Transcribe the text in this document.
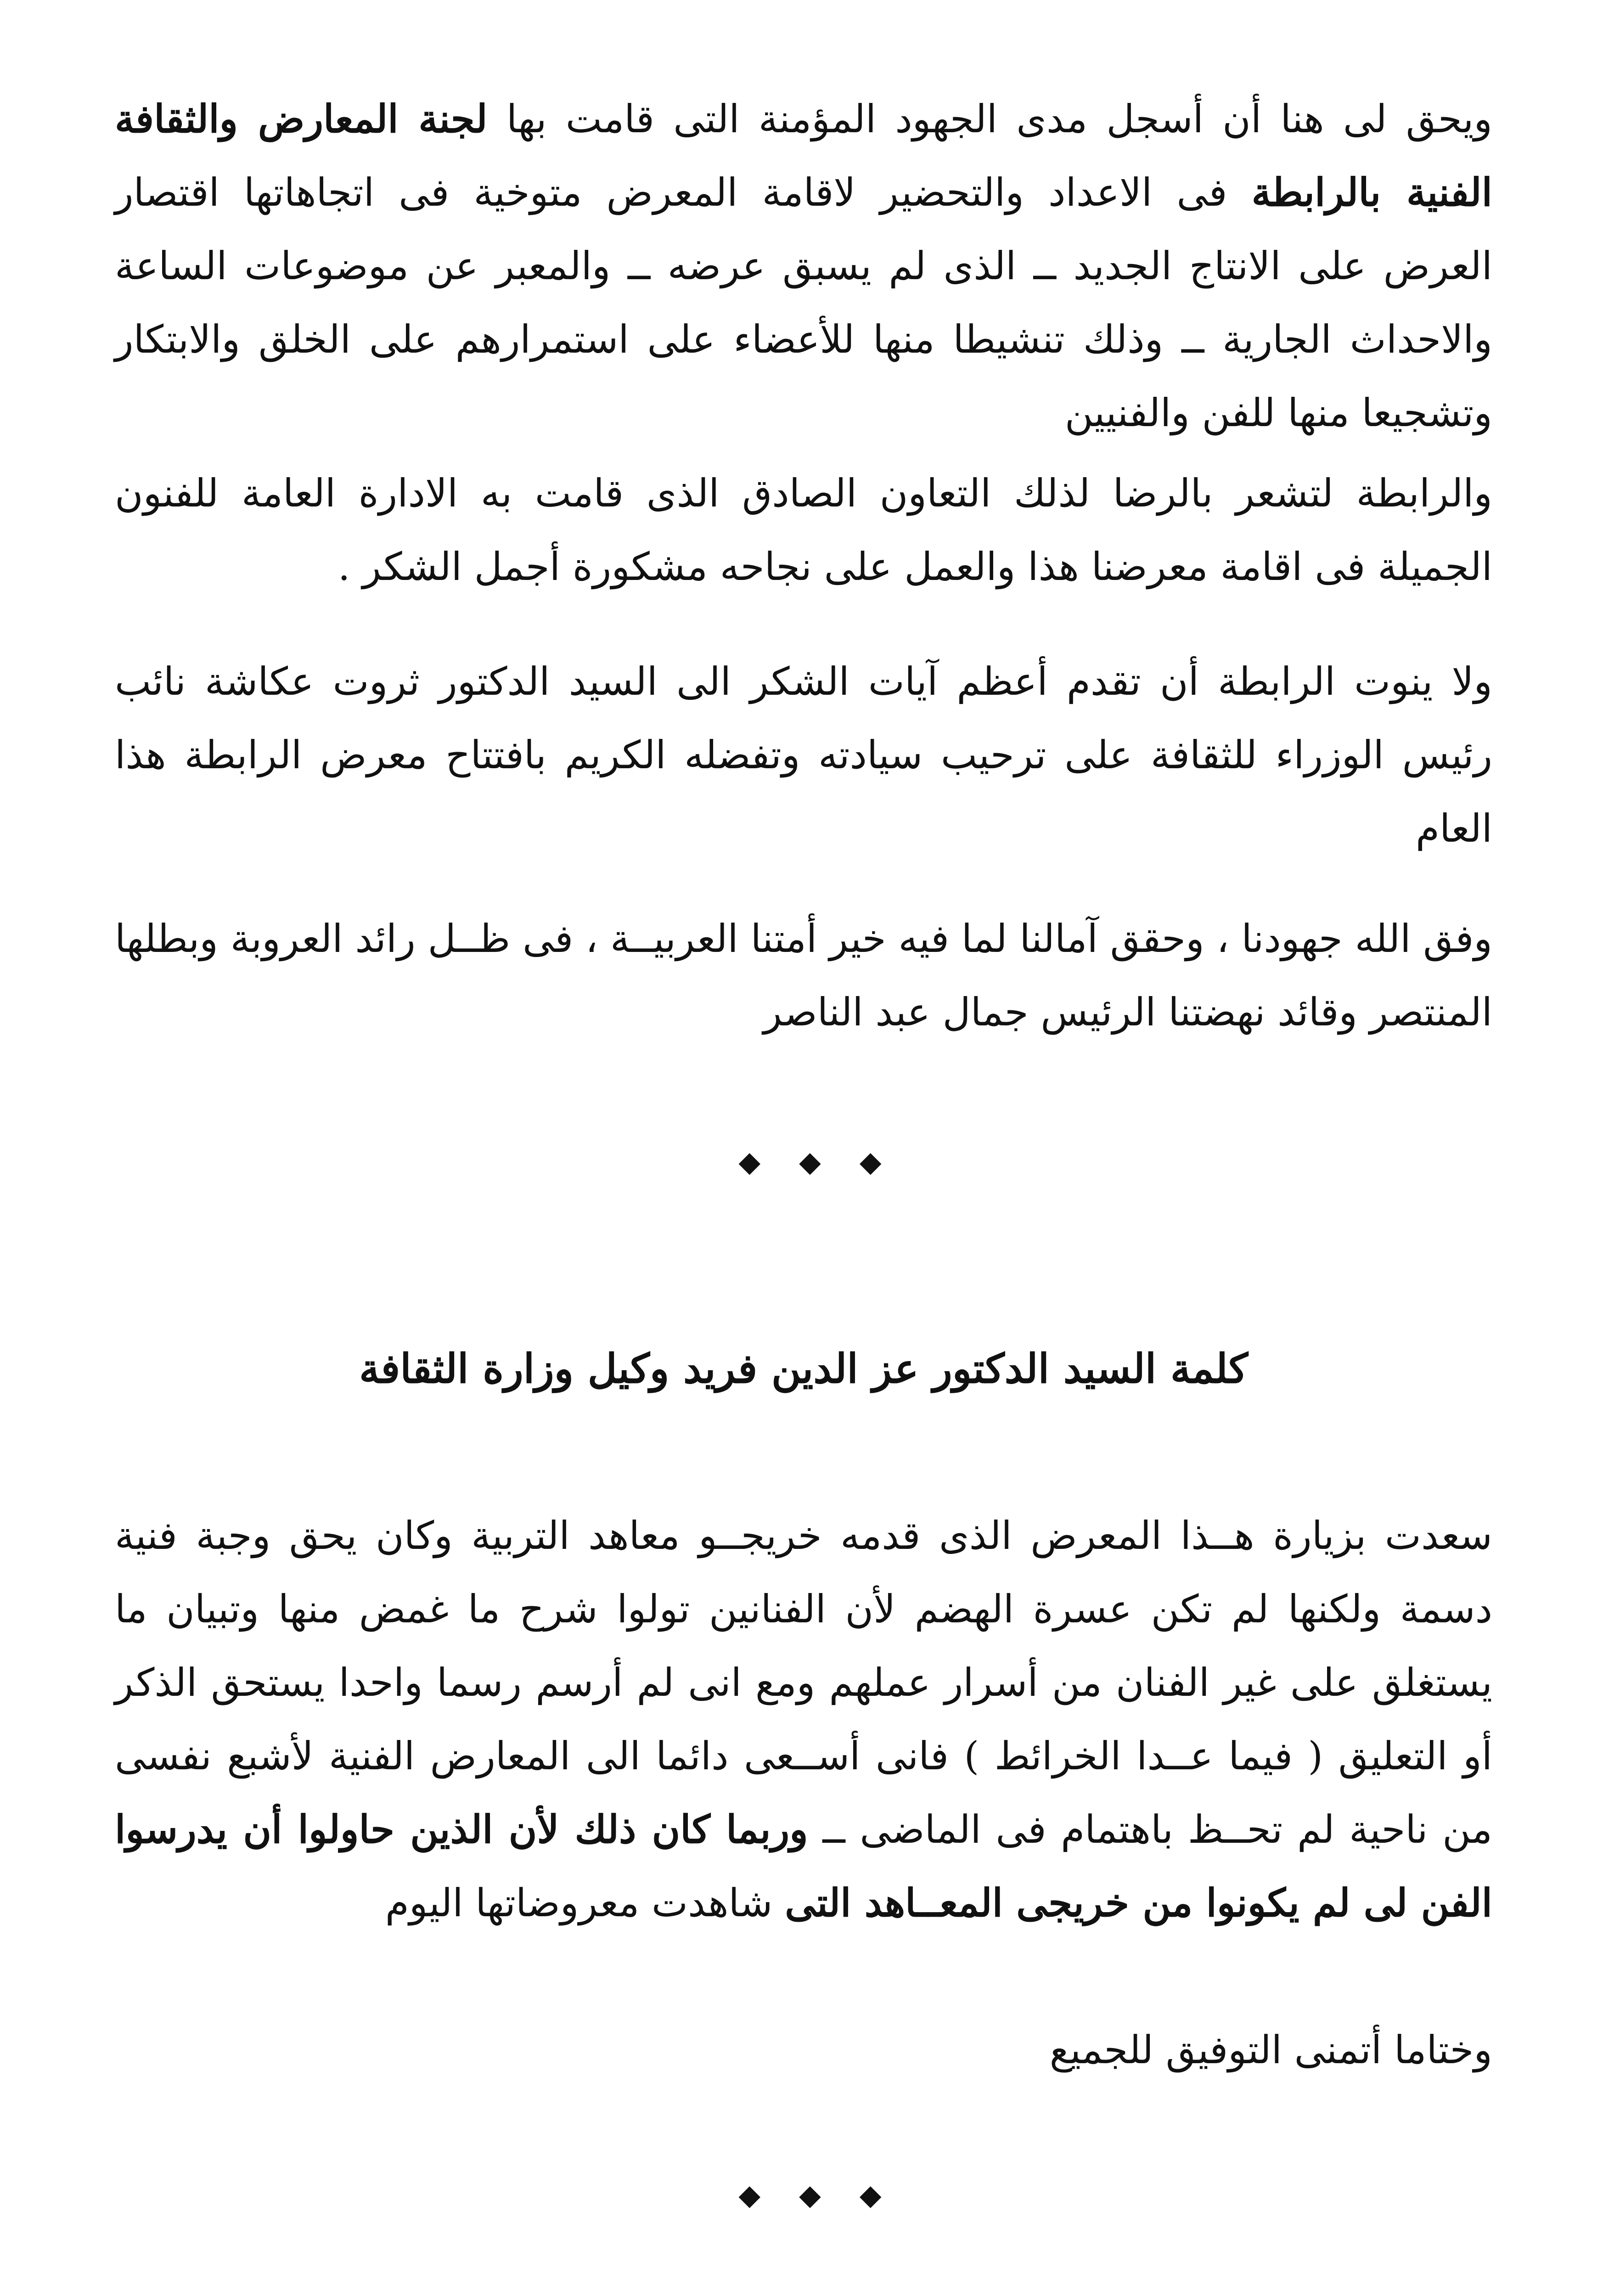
ويحق لى هنا أن أسجل مدى الجهود المؤمنة التى قامت بها لجنة المعارض والثقافة الفنية بالرابطة فى الاعداد والتحضير لاقامة المعرض متوخية فى اتجاهاتها اقتصار العرض على الانتاج الجديد ــ الذى لم يسبق عرضه ــ والمعبر عن موضوعات الساعة والاحداث الجارية ــ وذلك تنشيطا منها للأعضاء على استمرارهم على الخلق والابتكار وتشجيعا منها للفن والفنيين

والرابطة لتشعر بالرضا لذلك التعاون الصادق الذى قامت به الادارة العامة للفنون الجميلة فى اقامة معرضنا هذا والعمل على نجاحه مشكورة أجمل الشكر .

ولا ينوت الرابطة أن تقدم أعظم آيات الشكر الى السيد الدكتور ثروت عكاشة نائب رئيس الوزراء للثقافة على ترحيب سيادته وتفضله الكريم بافتتاح معرض الرابطة هذا العام

وفق الله جهودنا ، وحقق آمالنا لما فيه خير أمتنا العربيــة ، فى ظــل رائد العروبة وبطلها المنتصر وقائد نهضتنا الرئيس جمال عبد الناصر

◆ ◆ ◆
كلمة السيد الدكتور عز الدين فريد وكيل وزارة الثقافة

سعدت بزيارة هــذا المعرض الذى قدمه خريجــو معاهد التربية وكان يحق وجبة فنية دسمة ولكنها لم تكن عسرة الهضم لأن الفنانين تولوا شرح ما غمض منها وتبيان ما يستغلق على غير الفنان من أسرار عملهم ومع انى لم أرسم رسما واحدا يستحق الذكر أو التعليق ( فيما عــدا الخرائط ) فانى أســعى دائما الى المعارض الفنية لأشبع نفسى من ناحية لم تحــظ باهتمام فى الماضى ــ وربما كان ذلك لأن الذين حاولوا أن يدرسوا الفن لى لم يكونوا من خريجى المعــاهد التى شاهدت معروضاتها اليوم

وختاما أتمنى التوفيق للجميع

◆ ◆ ◆
